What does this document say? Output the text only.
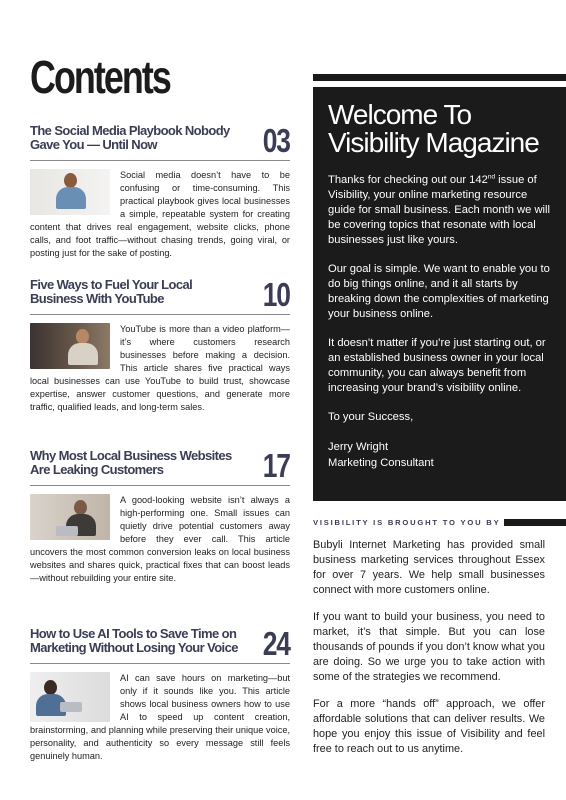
Contents
The Social Media Playbook Nobody Gave You — Until Now	03
Social media doesn’t have to be confusing or time-consuming. This practical playbook gives local businesses a simple, repeatable system for creating content that drives real engagement, website clicks, phone calls, and foot traffic—without chasing trends, going viral, or posting just for the sake of posting.
Five Ways to Fuel Your Local Business With YouTube	10
YouTube is more than a video platform—it’s where customers research businesses before making a decision. This article shares five practical ways local businesses can use YouTube to build trust, showcase expertise, answer customer questions, and generate more traffic, qualified leads, and long-term sales.
Why Most Local Business Websites Are Leaking Customers	17
A good-looking website isn’t always a high-performing one. Small issues can quietly drive potential customers away before they ever call. This article uncovers the most common conversion leaks on local business websites and shares quick, practical fixes that can boost leads—without rebuilding your entire site.
How to Use AI Tools to Save Time on Marketing Without Losing Your Voice 24
AI can save hours on marketing—but only if it sounds like you. This article shows local business owners how to use AI to speed up content creation, brainstorming, and planning while preserving their unique voice, personality, and authenticity so every message still feels genuinely human.
Welcome To
Visibility Magazine

Thanks for checking out our 142nd issue of Visibility, your online marketing resource guide for small business. Each month we will be covering topics that resonate with local businesses just like yours.

Our goal is simple. We want to enable you to do big things online, and it all starts by breaking down the complexities of marketing your business online.

It doesn’t matter if you’re just starting out, or an established business owner in your local community, you can always benefit from increasing your brand’s visibility online.

To your Success,

Jerry Wright
Marketing Consultant
VISIBILITY IS BROUGHT TO YOU BY

Bubyli Internet Marketing has provided small business marketing services throughout Essex for over 7 years. We help small businesses connect with more customers online.

If you want to build your business, you need to market, it’s that simple. But you can lose thousands of pounds if you don’t know what you are doing. So we urge you to take action with some of the strategies we recommend.

For a more “hands off” approach, we offer affordable solutions that can deliver results. We hope you enjoy this issue of Visibility and feel free to reach out to us anytime.
